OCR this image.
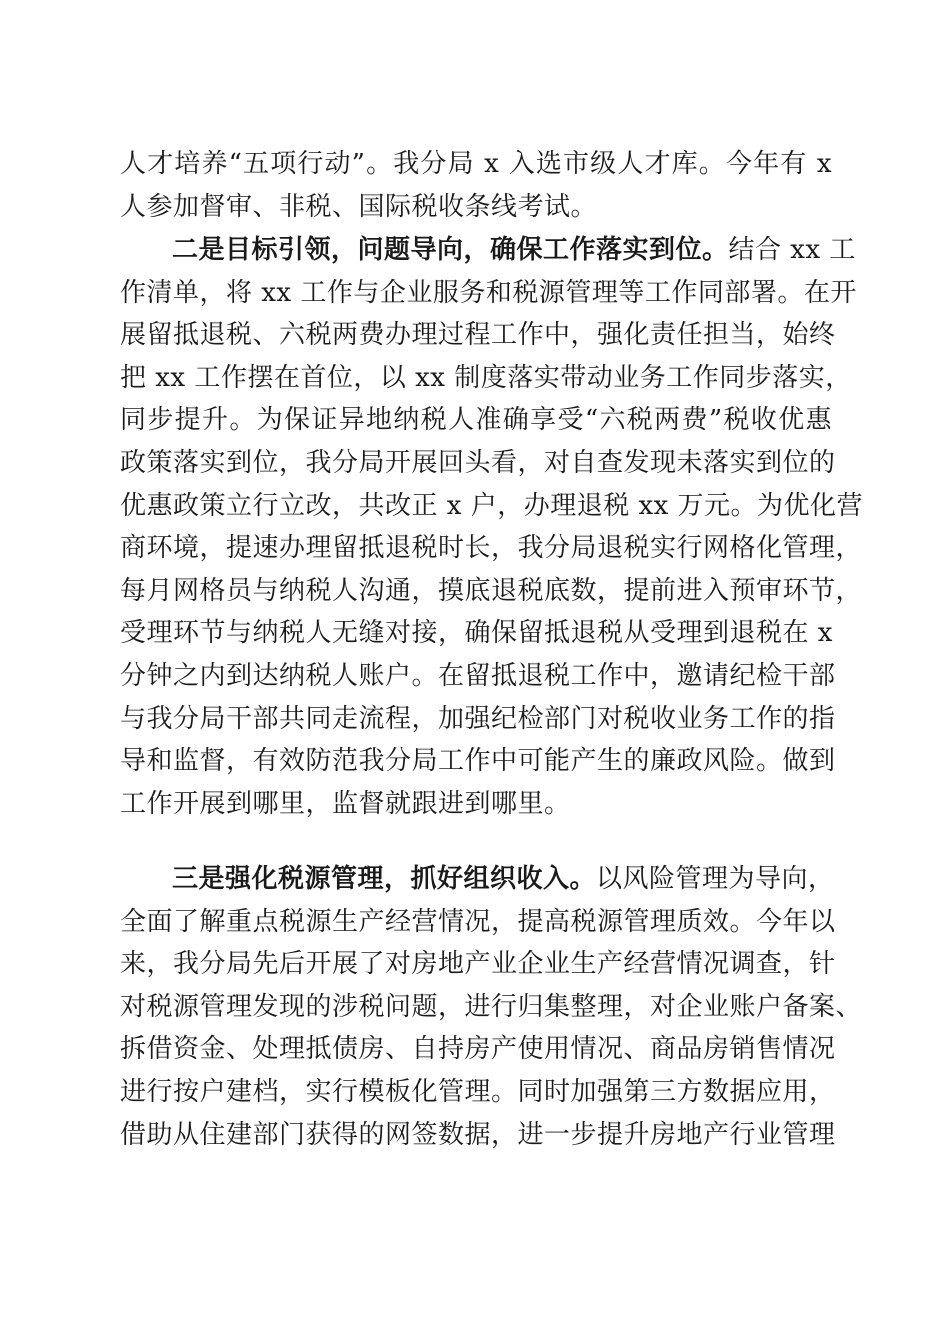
人才培养“五项行动”。我分局 x 入选市级人才库。今年有 x
人参加督审、非税、国际税收条线考试。
二是目标引领，问题导向，确保工作落实到位。结合 xx 工
作清单，将 xx 工作与企业服务和税源管理等工作同部署。在开
展留抵退税、六税两费办理过程工作中，强化责任担当，始终
把 xx 工作摆在首位，以 xx 制度落实带动业务工作同步落实，
同步提升。为保证异地纳税人准确享受“六税两费”税收优惠
政策落实到位，我分局开展回头看，对自查发现未落实到位的
优惠政策立行立改，共改正 x 户，办理退税 xx 万元。为优化营
商环境，提速办理留抵退税时长，我分局退税实行网格化管理，
每月网格员与纳税人沟通，摸底退税底数，提前进入预审环节，
受理环节与纳税人无缝对接，确保留抵退税从受理到退税在 x
分钟之内到达纳税人账户。在留抵退税工作中，邀请纪检干部
与我分局干部共同走流程，加强纪检部门对税收业务工作的指
导和监督，有效防范我分局工作中可能产生的廉政风险。做到
工作开展到哪里，监督就跟进到哪里。
三是强化税源管理，抓好组织收入。以风险管理为导向，
全面了解重点税源生产经营情况，提高税源管理质效。今年以
来，我分局先后开展了对房地产业企业生产经营情况调查，针
对税源管理发现的涉税问题，进行归集整理，对企业账户备案、
拆借资金、处理抵债房、自持房产使用情况、商品房销售情况
进行按户建档，实行模板化管理。同时加强第三方数据应用，
借助从住建部门获得的网签数据，进一步提升房地产行业管理
